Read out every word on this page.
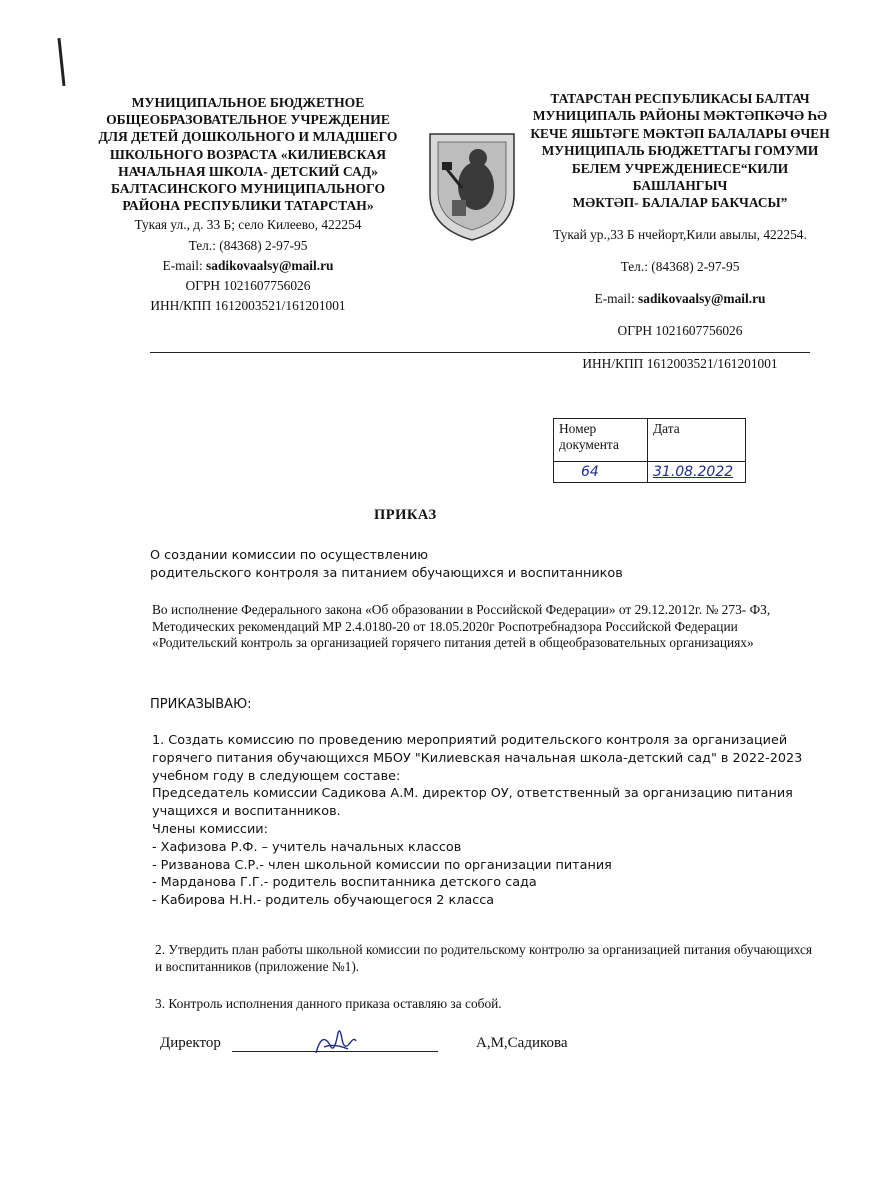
МУНИЦИПАЛЬНОЕ БЮДЖЕТНОЕ
ОБЩЕОБРАЗОВАТЕЛЬНОЕ УЧРЕЖДЕНИЕ
ДЛЯ ДЕТЕЙ ДОШКОЛЬНОГО И МЛАДШЕГО
ШКОЛЬНОГО ВОЗРАСТА «КИЛИЕВСКАЯ
НАЧАЛЬНАЯ ШКОЛА- ДЕТСКИЙ САД»
БАЛТАСИНСКОГО МУНИЦИПАЛЬНОГО
РАЙОНА РЕСПУБЛИКИ ТАТАРСТАН»
Тукая ул., д. 33 Б; село Килеево, 422254
Тел.: (84368) 2-97-95
E-mail: sadikovaalsy@mail.ru
ОГРН 1021607756026
ИНН/КПП 1612003521/161201001
ТАТАРСТАН РЕСПУБЛИКАСЫ БАЛТАЧ
МУНИЦИПАЛЬ РАЙОНЫ МӘКТӘПКӘЧӘ ҺӘ
КЕЧЕ ЯШЬТӘГЕ МӘКТӘП БАЛАЛАРЫ ӨЧЕН
МУНИЦИПАЛЬ БЮДЖЕТТАГЫ ГОМУМИ
БЕЛЕМ УЧРЕЖДЕНИЕСЕ“КИЛИ БАШЛАНГЫЧ
МӘКТӘП- БАЛАЛАР БАКЧАСЫ”
Тукай ур.,33 Б нчейорт,Кили авылы, 422254.
Тел.: (84368) 2-97-95
E-mail: sadikovaalsy@mail.ru
ОГРН 1021607756026
ИНН/КПП 1612003521/161201001
Номер документа	Дата
64	31.08.2022
ПРИКАЗ
О создании комиссии по осуществлению
родительского контроля за питанием обучающихся и воспитанников
Во исполнение Федерального закона «Об образовании в Российской Федерации» от 29.12.2012г. № 273- ФЗ, Методических рекомендаций МР 2.4.0180-20 от 18.05.2020г Роспотребнадзора Российской Федерации «Родительский контроль за организацией горячего питания детей в общеобразовательных организациях»
ПРИКАЗЫВАЮ:
1. Создать комиссию по проведению мероприятий родительского контроля за организацией горячего питания обучающихся МБОУ "Килиевская начальная школа-детский сад" в 2022-2023 учебном году в следующем составе:
Председатель комиссии Садикова А.М. директор ОУ, ответственный за организацию питания учащихся и воспитанников.
Члены комиссии:
- Хафизова Р.Ф. – учитель начальных классов
- Ризванова С.Р.- член школьной комиссии по организации питания
- Марданова Г.Г.- родитель воспитанника детского сада
- Кабирова Н.Н.- родитель обучающегося 2 класса
2. Утвердить план работы школьной комиссии по родительскому контролю за организацией питания обучающихся и воспитанников (приложение №1).
3. Контроль исполнения данного приказа оставляю за собой.
Директор	А,М,Садикова
